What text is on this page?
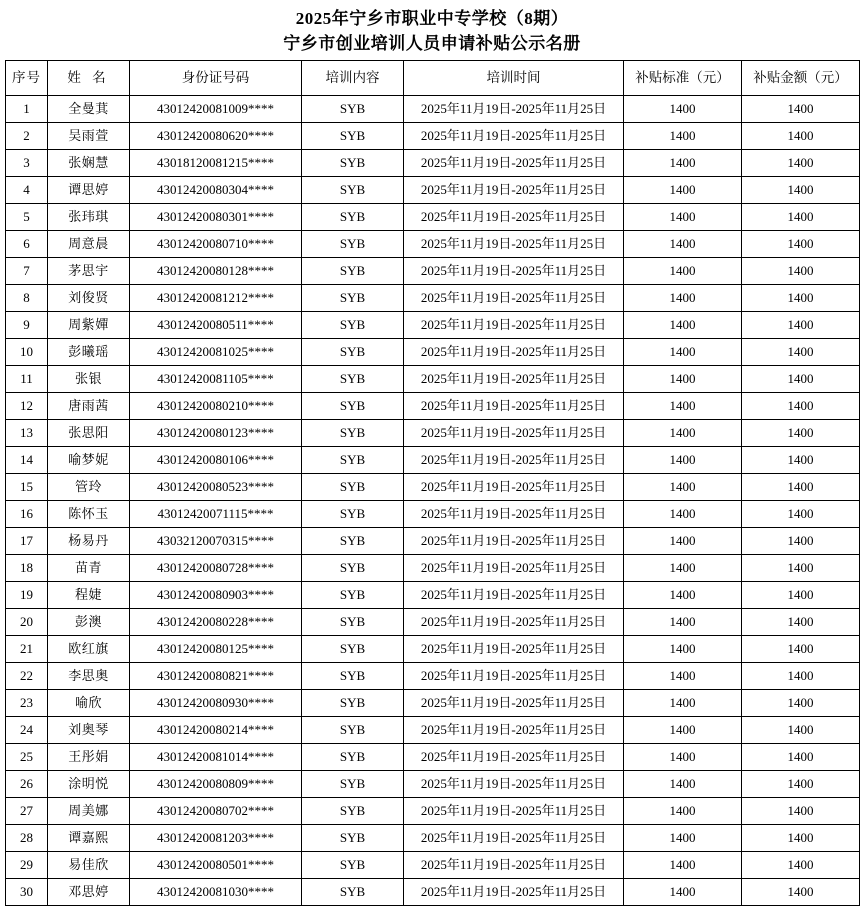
2025年宁乡市职业中专学校（8期）
宁乡市创业培训人员申请补贴公示名册
序号	姓 名	身份证号码	培训内容	培训时间	补贴标准（元）	补贴金额（元）
1	全曼萁	43012420081009****	SYB	2025年11月19日-2025年11月25日	1400	1400
2	吴雨萱	43012420080620****	SYB	2025年11月19日-2025年11月25日	1400	1400
3	张娴慧	43018120081215****	SYB	2025年11月19日-2025年11月25日	1400	1400
4	谭思婷	43012420080304****	SYB	2025年11月19日-2025年11月25日	1400	1400
5	张玮琪	43012420080301****	SYB	2025年11月19日-2025年11月25日	1400	1400
6	周意晨	43012420080710****	SYB	2025年11月19日-2025年11月25日	1400	1400
7	茅思宇	43012420080128****	SYB	2025年11月19日-2025年11月25日	1400	1400
8	刘俊贤	43012420081212****	SYB	2025年11月19日-2025年11月25日	1400	1400
9	周紫嬋	43012420080511****	SYB	2025年11月19日-2025年11月25日	1400	1400
10	彭曦瑶	43012420081025****	SYB	2025年11月19日-2025年11月25日	1400	1400
11	张银	43012420081105****	SYB	2025年11月19日-2025年11月25日	1400	1400
12	唐雨茜	43012420080210****	SYB	2025年11月19日-2025年11月25日	1400	1400
13	张思阳	43012420080123****	SYB	2025年11月19日-2025年11月25日	1400	1400
14	喻梦妮	43012420080106****	SYB	2025年11月19日-2025年11月25日	1400	1400
15	管玲	43012420080523****	SYB	2025年11月19日-2025年11月25日	1400	1400
16	陈怀玉	43012420071115****	SYB	2025年11月19日-2025年11月25日	1400	1400
17	杨易丹	43032120070315****	SYB	2025年11月19日-2025年11月25日	1400	1400
18	苗青	43012420080728****	SYB	2025年11月19日-2025年11月25日	1400	1400
19	程婕	43012420080903****	SYB	2025年11月19日-2025年11月25日	1400	1400
20	彭澳	43012420080228****	SYB	2025年11月19日-2025年11月25日	1400	1400
21	欧红旗	43012420080125****	SYB	2025年11月19日-2025年11月25日	1400	1400
22	李思奥	43012420080821****	SYB	2025年11月19日-2025年11月25日	1400	1400
23	喻欣	43012420080930****	SYB	2025年11月19日-2025年11月25日	1400	1400
24	刘奥琴	43012420080214****	SYB	2025年11月19日-2025年11月25日	1400	1400
25	王彤娟	43012420081014****	SYB	2025年11月19日-2025年11月25日	1400	1400
26	涂明悦	43012420080809****	SYB	2025年11月19日-2025年11月25日	1400	1400
27	周美娜	43012420080702****	SYB	2025年11月19日-2025年11月25日	1400	1400
28	谭嘉熙	43012420081203****	SYB	2025年11月19日-2025年11月25日	1400	1400
29	易佳欣	43012420080501****	SYB	2025年11月19日-2025年11月25日	1400	1400
30	邓思婷	43012420081030****	SYB	2025年11月19日-2025年11月25日	1400	1400
